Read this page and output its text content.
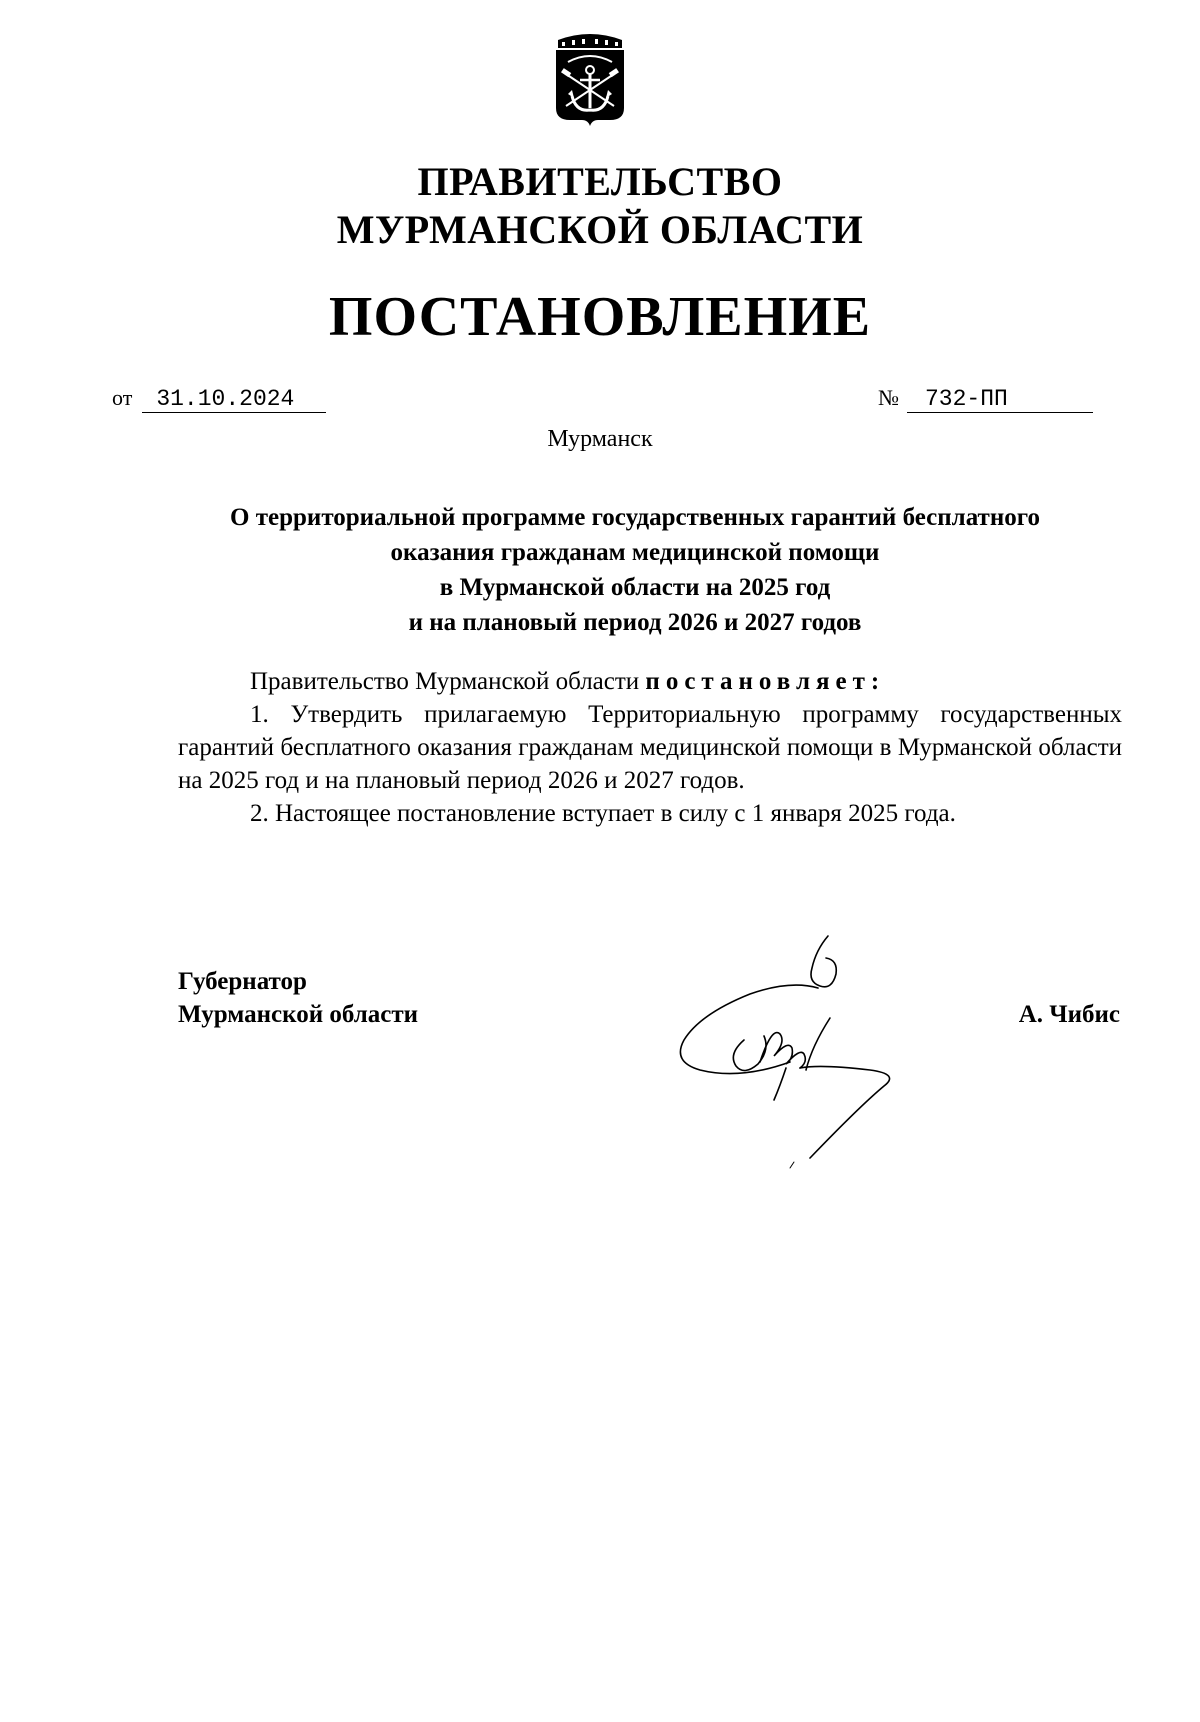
ПРАВИТЕЛЬСТВО
МУРМАНСКОЙ ОБЛАСТИ
ПОСТАНОВЛЕНИЕ
от	31.10.2024	№	732-ПП
Мурманск
О территориальной программе государственных гарантий бесплатного
оказания гражданам медицинской помощи
в Мурманской области на 2025 год
и на плановый период 2026 и 2027 годов

Правительство Мурманской области постановляет:

1. Утвердить прилагаемую Территориальную программу государственных гарантий бесплатного оказания гражданам медицинской помощи в Мурманской области на 2025 год и на плановый период 2026 и 2027 годов.

2. Настоящее постановление вступает в силу с 1 января 2025 года.

Губернатор
Мурманской области	А. Чибис
